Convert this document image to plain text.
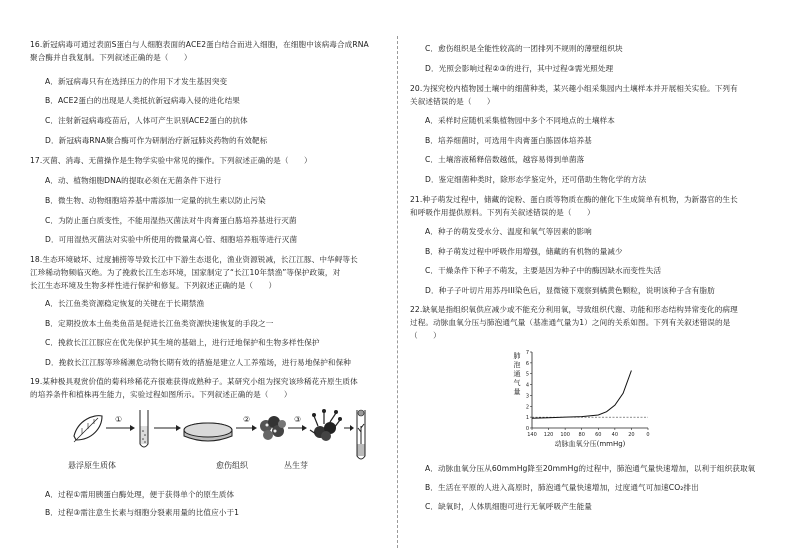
16.新冠病毒可通过表面S蛋白与人细胞表面的ACE2蛋白结合而进入细胞，在细胞中该病毒合成RNA
聚合酶并自我复制。下列叙述正确的是（　　）
A．新冠病毒只有在选择压力的作用下才发生基因突变
B．ACE2蛋白的出现是人类抵抗新冠病毒入侵的进化结果
C．注射新冠病毒疫苗后，人体可产生识别ACE2蛋白的抗体
D．新冠病毒RNA聚合酶可作为研制治疗新冠肺炎药物的有效靶标
17.灭菌、消毒、无菌操作是生物学实验中常见的操作。下列叙述正确的是（　　）
A．动、植物细胞DNA的提取必须在无菌条件下进行
B．微生物、动物细胞培养基中需添加一定量的抗生素以防止污染
C．为防止蛋白质变性，不能用湿热灭菌法对牛肉膏蛋白胨培养基进行灭菌
D．可用湿热灭菌法对实验中所使用的微量离心管、细胞培养瓶等进行灭菌
18.生态环境破坏、过度捕捞等导致长江中下游生态退化，渔业资源锐减，长江江豚、中华鲟等长
江珍稀动物频临灭绝。为了挽救长江生态环境，国家制定了“长江10年禁渔”等保护政策，对
长江生态环境及生物多样性进行保护和修复。下列叙述正确的是（　　）
A．长江鱼类资源稳定恢复的关键在于长期禁渔
B．定期投放本土鱼类鱼苗是促进长江鱼类资源快速恢复的手段之一
C．挽救长江江豚应在优先保护其生境的基础上，进行迁地保护和生物多样性保护
D．挽救长江江豚等珍稀濒危动物长期有效的措施是建立人工养殖场，进行易地保护和保种
19.某种极具观赏价值的菊科珍稀花卉很难获得成熟种子。某研究小组为探究该珍稀花卉原生质体
的培养条件和植株再生能力，实验过程如图所示。下列叙述正确的是（　　）
①	②	③
悬浮原生质体	愈伤组织	丛生芽
A．过程①需用胰蛋白酶处理，便于获得单个的原生质体
B．过程③需注意生长素与细胞分裂素用量的比值应小于1
C．愈伤组织是全能性较高的一团排列不规则的薄壁组织块
D．光照会影响过程②③的进行，其中过程③需光照处理
20.为探究校内植物园土壤中的细菌种类，某兴趣小组采集园内土壤样本并开展相关实验。下列有
关叙述错误的是（　　）
A．采样时应随机采集植物园中多个不同地点的土壤样本
B．培养细菌时，可选用牛肉膏蛋白胨固体培养基
C．土壤溶液稀释倍数越低，越容易得到单菌落
D．鉴定细菌种类时，除形态学鉴定外，还可借助生物化学的方法
21.种子萌发过程中，储藏的淀粉、蛋白质等物质在酶的催化下生成简单有机物，为新器官的生长
和呼吸作用提供原料。下列有关叙述错误的是（　　）
A．种子的萌发受水分、温度和氧气等因素的影响
B．种子萌发过程中呼吸作用增强，储藏的有机物的量减少
C．干燥条件下种子不萌发，主要是因为种子中的酶因缺水而变性失活
D．种子子叶切片用苏丹III染色后，显微镜下观察到橘黄色颗粒，说明该种子含有脂肪
22.缺氧是指组织氧供应减少或不能充分利用氧，导致组织代谢、功能和形态结构异常变化的病理
过程。动脉血氧分压与肺泡通气量（基准通气量为1）之间的关系如图。下列有关叙述错误的是
（　　）
0
1
2
3
4
5
6
7
140 120 100 80 60 40 20 0
肺
泡
通
气
量
动脉血氧分压(mmHg)
A．动脉血氧分压从60mmHg降至20mmHg的过程中，肺泡通气量快速增加，以利于组织获取氧
B．生活在平原的人进入高原时，肺泡通气量快速增加，过度通气可加速CO₂排出
C．缺氧时，人体肌细胞可进行无氧呼吸产生能量
